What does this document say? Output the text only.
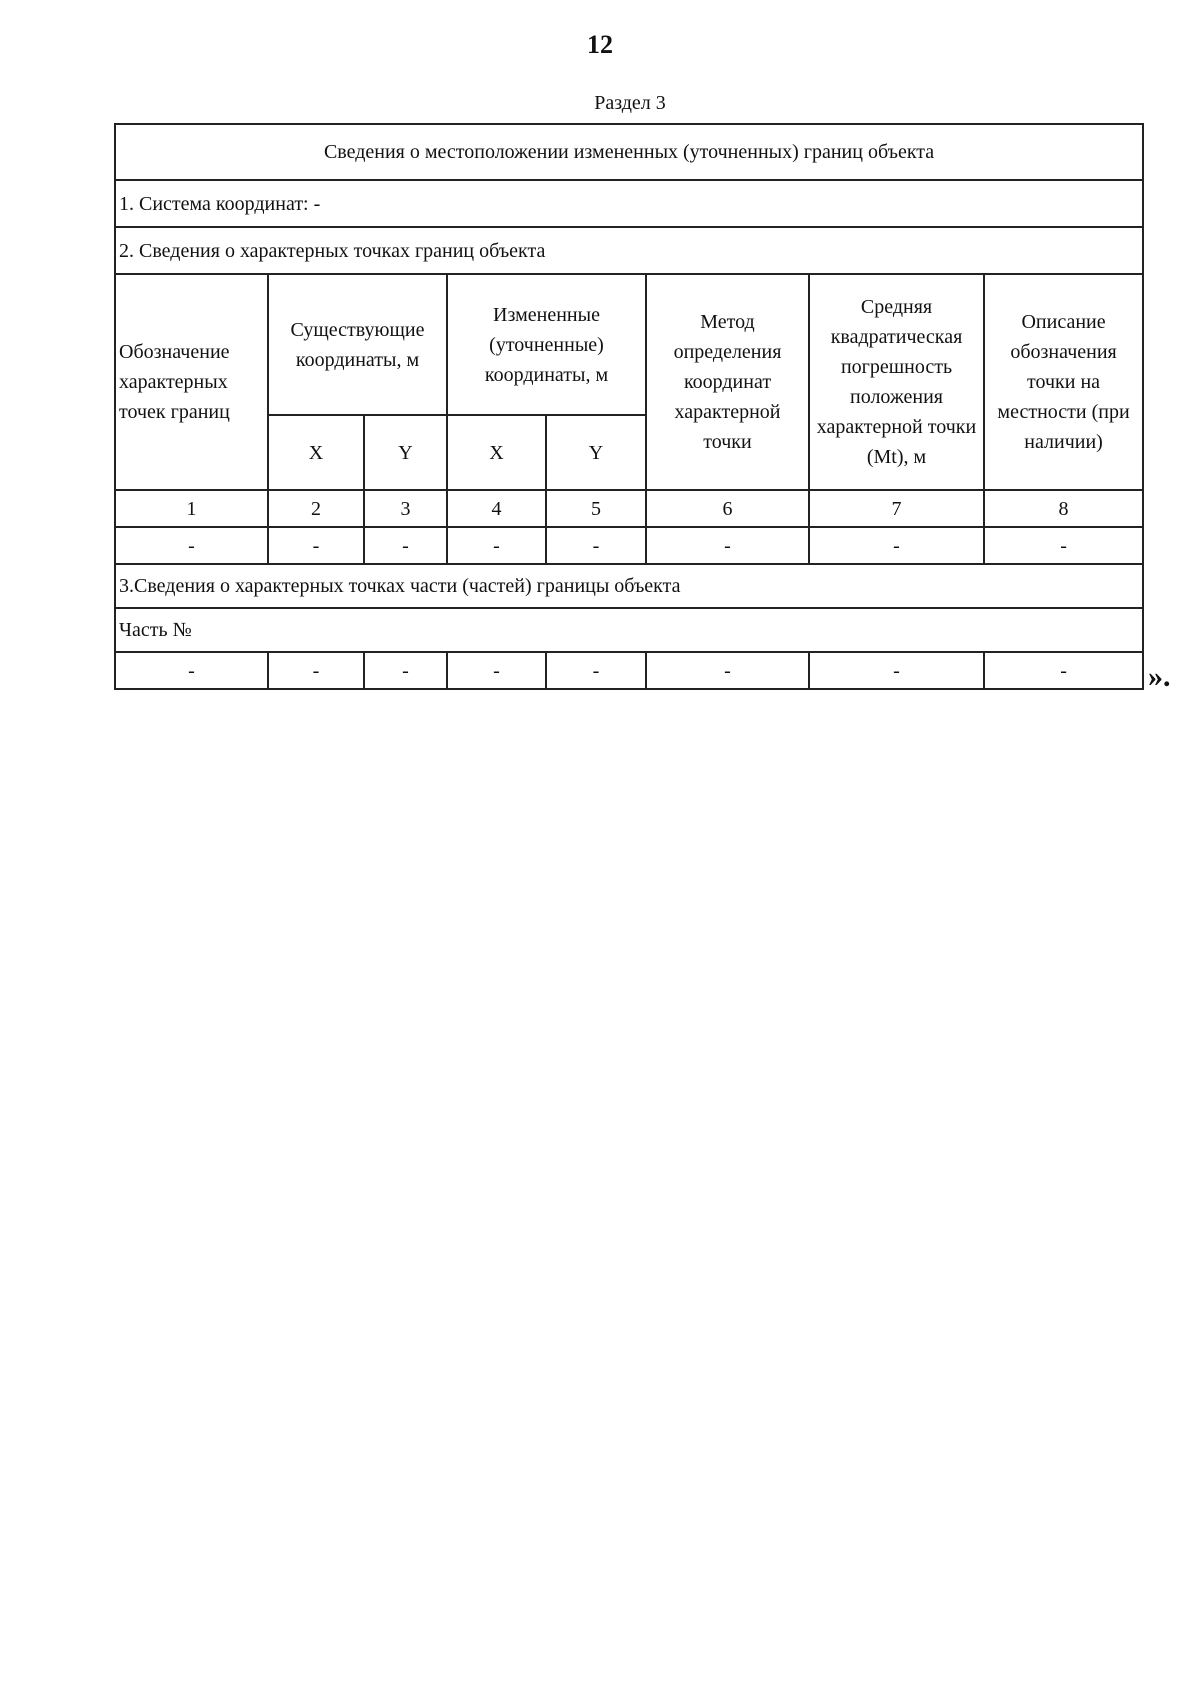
12
Раздел 3
Сведения о местоположении измененных (уточненных) границ объекта							
1. Система координат: -							
2. Сведения о характерных точках границ объекта							
Обозначение характерных точек границ	Существующие координаты, м		Измененные (уточненные) координаты, м		Метод определения координат характерной точки	Средняя квадратическая погрешность положения характерной точки (Mt), м	Описание обозначения точки на местности (при наличии)
	X	Y	X	Y			
1	2	3	4	5	6	7	8
-	-	-	-	-	-	-	-
3.Сведения о характерных точках части (частей) границы объекта							
Часть №							
-	-	-	-	-	-	-	-	».
